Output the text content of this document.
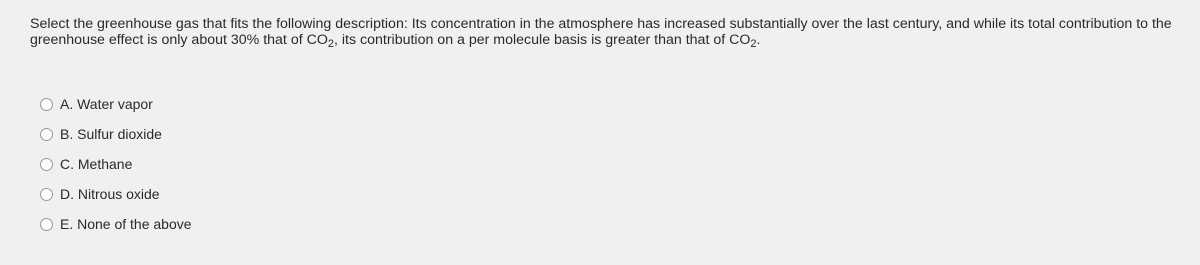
Select the greenhouse gas that fits the following description: Its concentration in the atmosphere has increased substantially over the last century, and while its total contribution to the greenhouse effect is only about 30% that of $CO_2$, its contribution on a per molecule basis is greater than that of $CO_2$.
A. Water vapor
B. Sulfur dioxide
C. Methane
D. Nitrous oxide
E. None of the above
